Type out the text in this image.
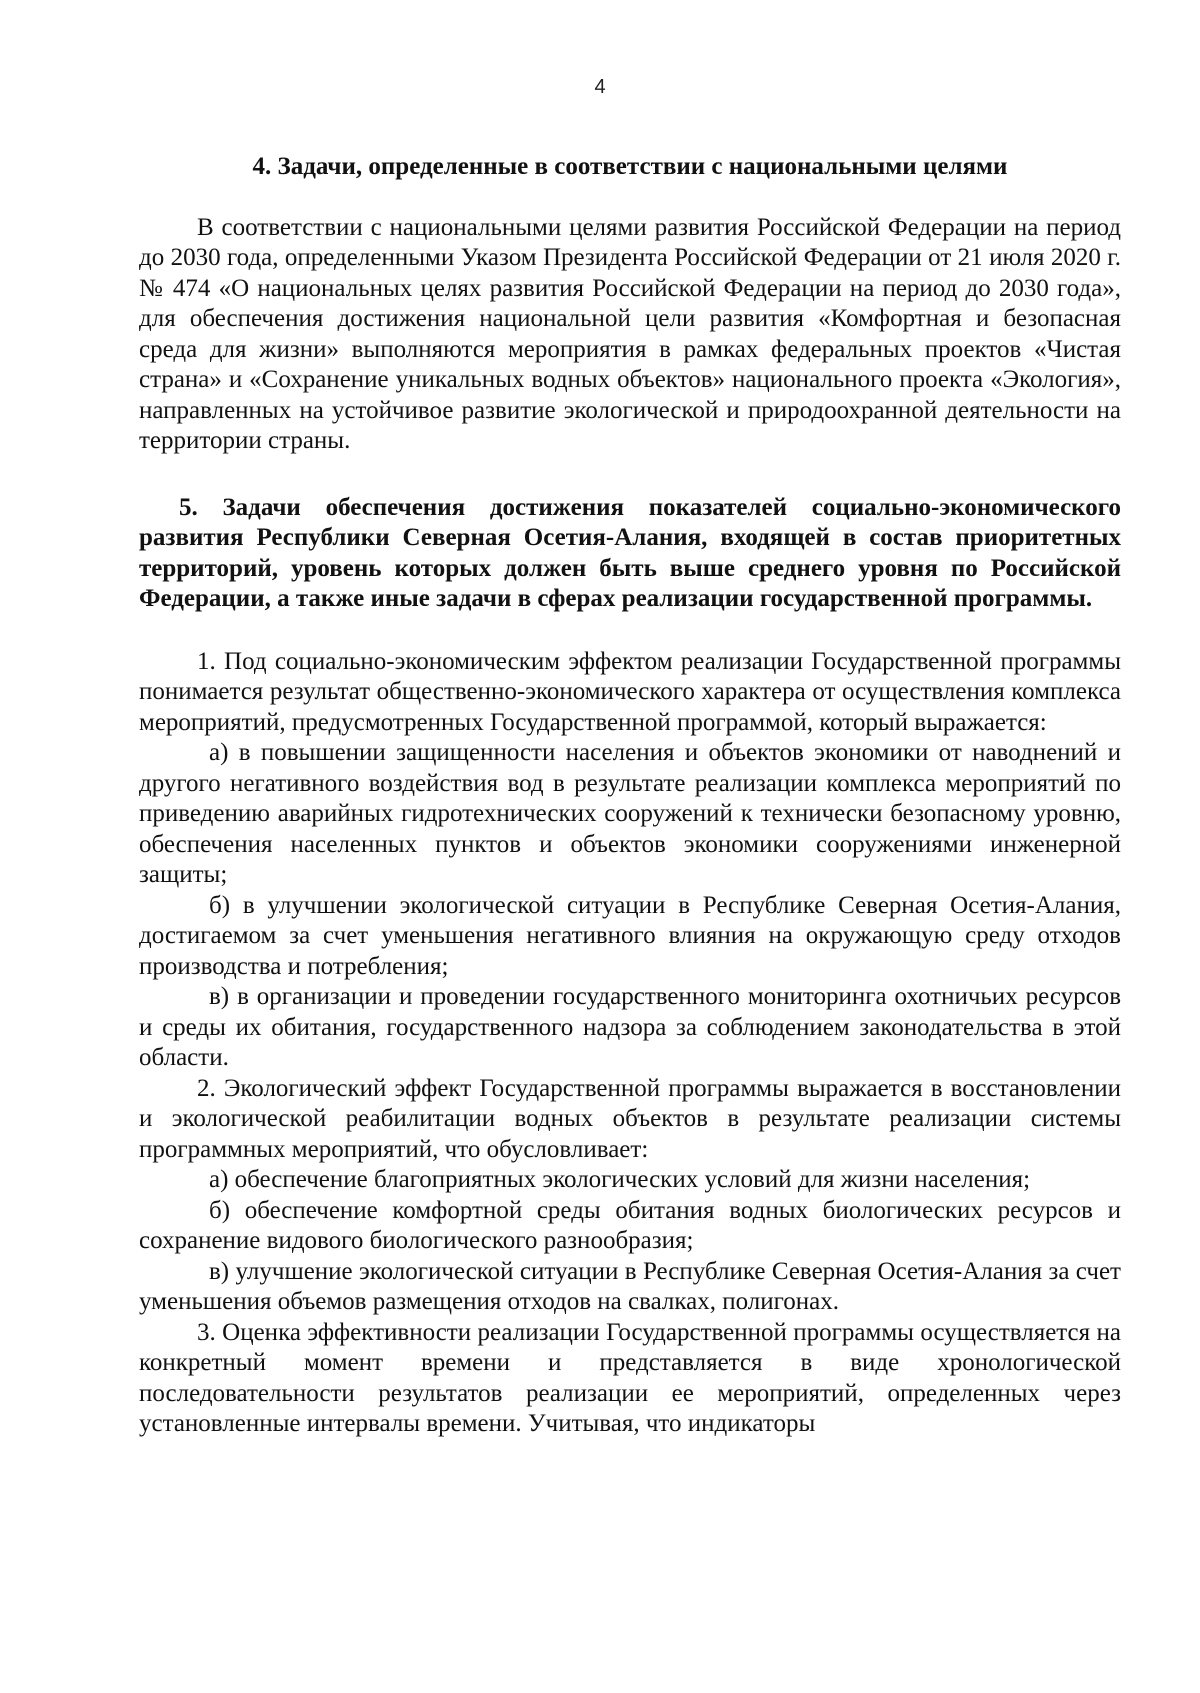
4

4. Задачи, определенные в соответствии с национальными целями

В соответствии с национальными целями развития Российской Федерации на период до 2030 года, определенными Указом Президента Российской Федерации от 21 июля 2020 г. № 474 «О национальных целях развития Российской Федерации на период до 2030 года», для обеспечения достижения национальной цели развития «Комфортная и безопасная среда для жизни» выполняются мероприятия в рамках федеральных проектов «Чистая страна» и «Сохранение уникальных водных объектов» национального проекта «Экология», направленных на устойчивое развитие экологической и природоохранной деятельности на территории страны.

5. Задачи обеспечения достижения показателей социально-экономического развития Республики Северная Осетия-Алания, входящей в состав приоритетных территорий, уровень которых должен быть выше среднего уровня по Российской Федерации, а также иные задачи в сферах реализации государственной программы.

1. Под социально-экономическим эффектом реализации Государственной программы понимается результат общественно-экономического характера от осуществления комплекса мероприятий, предусмотренных Государственной программой, который выражается:

а) в повышении защищенности населения и объектов экономики от наводнений и другого негативного воздействия вод в результате реализации комплекса мероприятий по приведению аварийных гидротехнических сооружений к технически безопасному уровню, обеспечения населенных пунктов и объектов экономики сооружениями инженерной защиты;

б) в улучшении экологической ситуации в Республике Северная Осетия-Алания, достигаемом за счет уменьшения негативного влияния на окружающую среду отходов производства и потребления;

в) в организации и проведении государственного мониторинга охотничьих ресурсов и среды их обитания, государственного надзора за соблюдением законодательства в этой области.

2. Экологический эффект Государственной программы выражается в восстановлении и экологической реабилитации водных объектов в результате реализации системы программных мероприятий, что обусловливает:

а) обеспечение благоприятных экологических условий для жизни населения;

б) обеспечение комфортной среды обитания водных биологических ресурсов и сохранение видового биологического разнообразия;

в) улучшение экологической ситуации в Республике Северная Осетия-Алания за счет уменьшения объемов размещения отходов на свалках, полигонах.

3. Оценка эффективности реализации Государственной программы осуществляется на конкретный момент времени и представляется в виде хронологической последовательности результатов реализации ее мероприятий, определенных через установленные интервалы времени. Учитывая, что индикаторы
